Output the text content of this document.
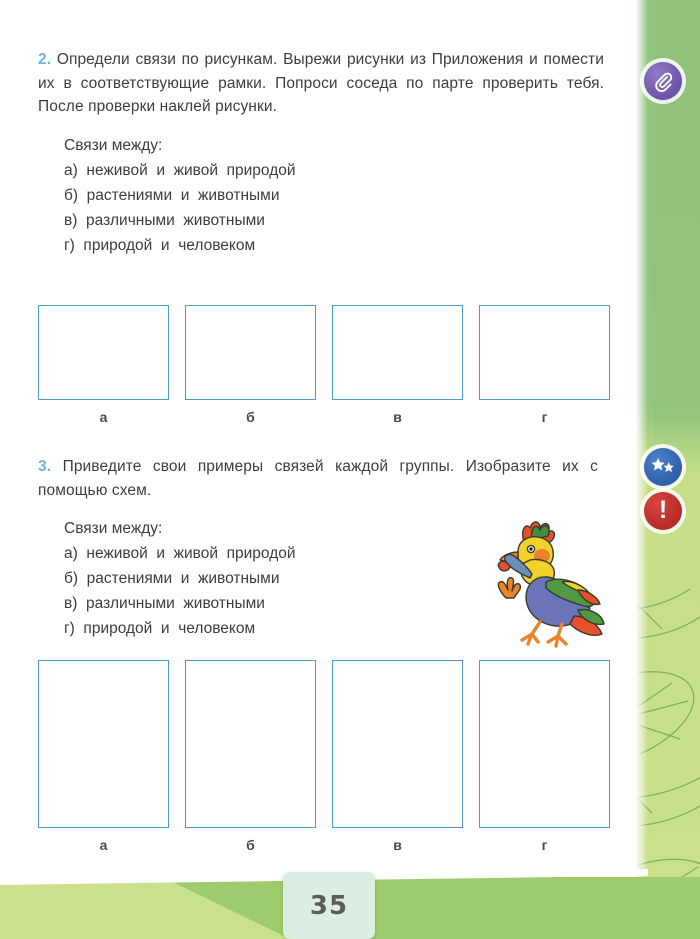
2. Определи связи по рисункам. Вырежи рисунки из Приложения и помести их в соответствующие рамки. Попроси соседа по парте проверить тебя. После проверки наклей рисунки.
Связи между:
а)  неживой  и  живой  природой
б)  растениями  и  животными
в)  различными  животными
г)  природой  и  человеком
а	б	в	г
3. Приведите свои примеры связей каждой группы. Изобразите их с помощью схем.
Связи между:
а)  неживой  и  живой  природой
б)  растениями  и  животными
в)  различными  животными
г)  природой  и  человеком
а	б	в	г
!
35
